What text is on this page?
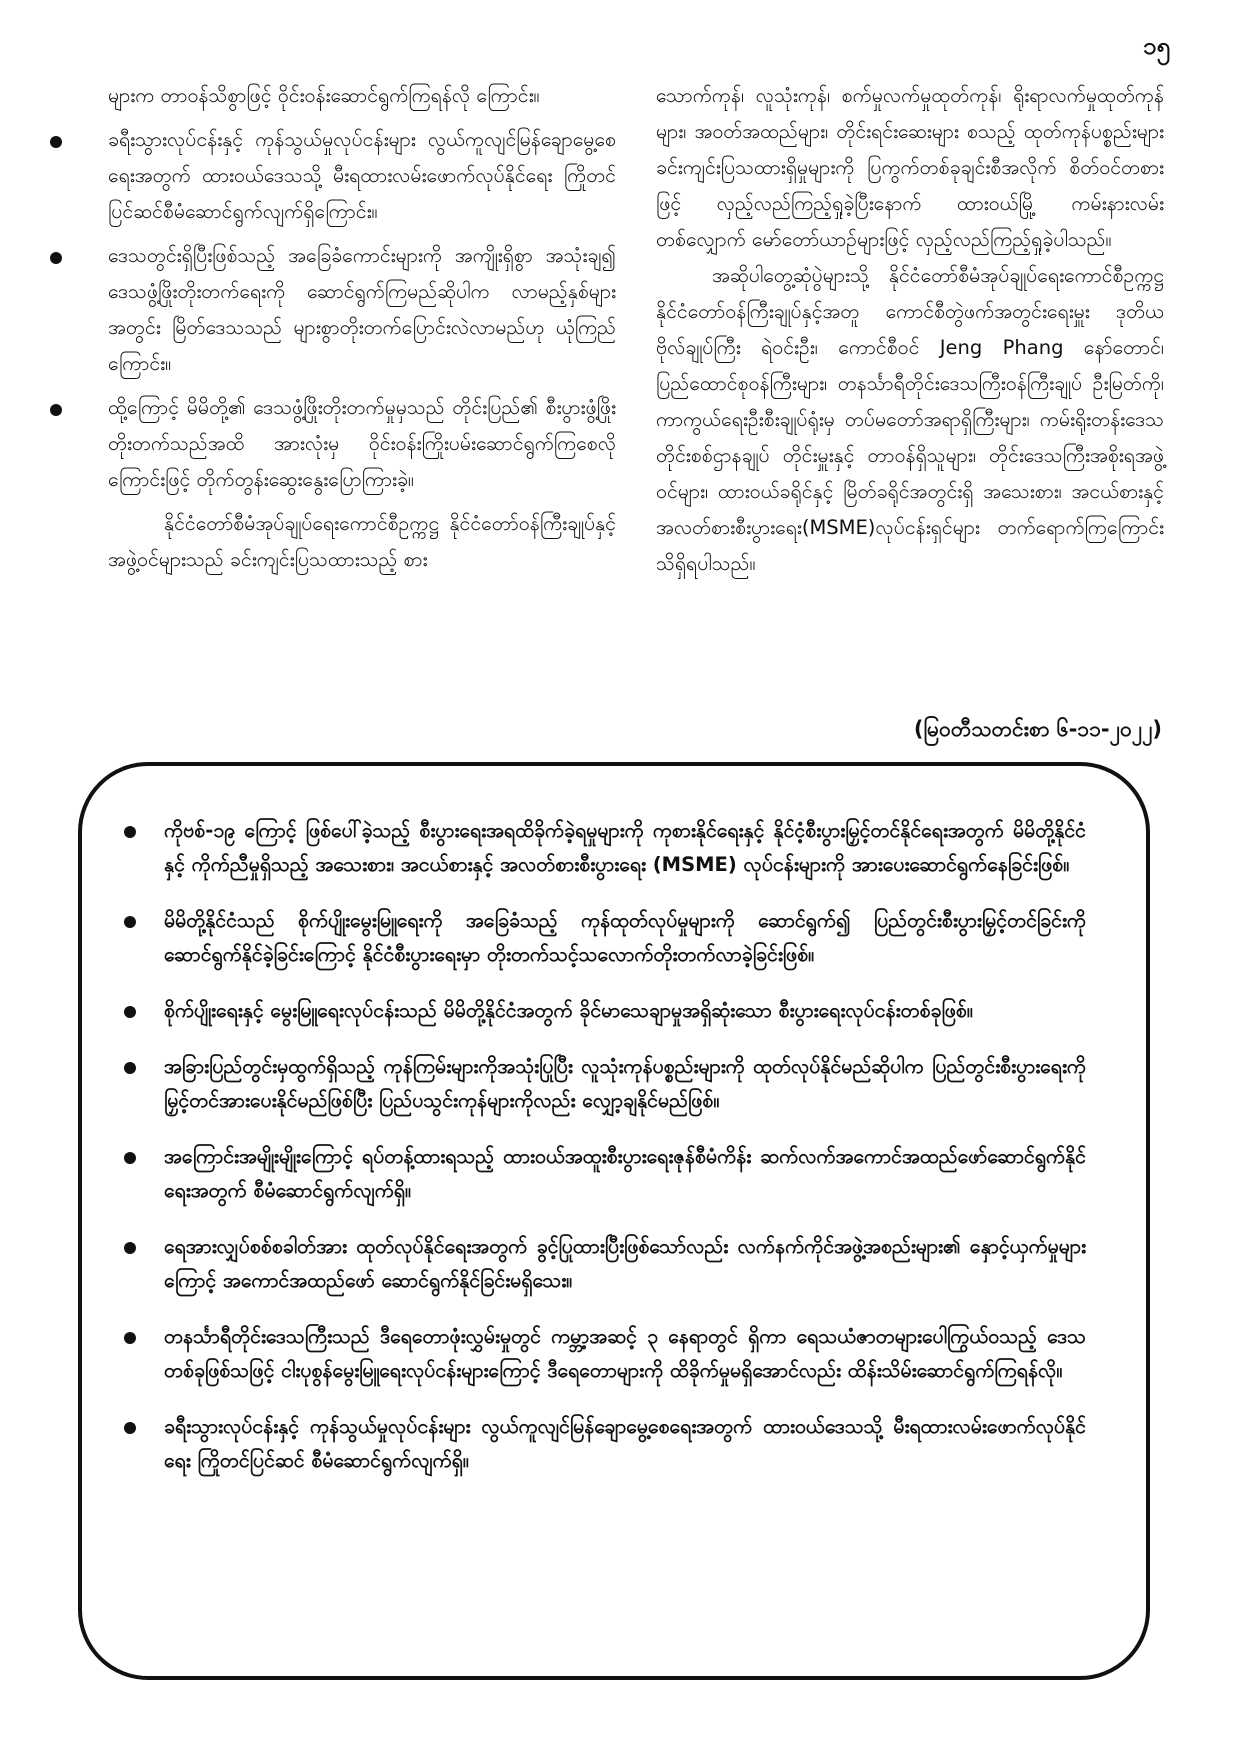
၁၅

များက တာဝန်သိစွာဖြင့် ဝိုင်းဝန်းဆောင်ရွက်ကြရန်လို ကြောင်း။

ခရီးသွားလုပ်ငန်းနှင့် ကုန်သွယ်မှုလုပ်ငန်းများ လွယ်ကူလျင်မြန်ချောမွေ့စေရေးအတွက် ထားဝယ်ဒေသသို့ မီးရထားလမ်းဖောက်လုပ်နိုင်ရေး ကြိုတင်ပြင်ဆင်စီမံဆောင်ရွက်လျက်ရှိကြောင်း။
ဒေသတွင်းရှိပြီးဖြစ်သည့် အခြေခံကောင်းများကို အကျိုးရှိစွာ အသုံးချ၍ ဒေသဖွံ့ဖြိုးတိုးတက်ရေးကို ဆောင်ရွက်ကြမည်ဆိုပါက လာမည့်နှစ်များအတွင်း မြိတ်ဒေသသည် များစွာတိုးတက်ပြောင်းလဲလာမည်ဟု ယုံကြည်ကြောင်း။
ထို့ကြောင့် မိမိတို့၏ ဒေသဖွံ့ဖြိုးတိုးတက်မှုမှသည် တိုင်းပြည်၏ စီးပွားဖွံ့ဖြိုးတိုးတက်သည်အထိ အားလုံးမှ ဝိုင်းဝန်းကြိုးပမ်းဆောင်ရွက်ကြစေလိုကြောင်းဖြင့် တိုက်တွန်းဆွေးနွေးပြောကြားခဲ့။

နိုင်ငံတော်စီမံအုပ်ချုပ်ရေးကောင်စီဥက္ကဋ္ဌ နိုင်ငံတော်ဝန်ကြီးချုပ်နှင့်အဖွဲ့ဝင်များသည် ခင်းကျင်းပြသထားသည့် စား

သောက်ကုန်၊ လူသုံးကုန်၊ စက်မှုလက်မှုထုတ်ကုန်၊ ရိုးရာလက်မှုထုတ်ကုန်များ၊ အဝတ်အထည်များ၊ တိုင်းရင်းဆေးများ စသည့် ထုတ်ကုန်ပစ္စည်းများ ခင်းကျင်းပြသထားရှိမှုများကို ပြကွက်တစ်ခုချင်းစီအလိုက် စိတ်ဝင်တစားဖြင့် လှည့်လည်ကြည့်ရှုခဲ့ပြီးနောက် ထားဝယ်မြို့ ကမ်းနားလမ်းတစ်လျှောက် မော်တော်ယာဉ်များဖြင့် လှည့်လည်ကြည့်ရှုခဲ့ပါသည်။

အဆိုပါတွေ့ဆုံပွဲများသို့ နိုင်ငံတော်စီမံအုပ်ချုပ်ရေးကောင်စီဥက္ကဋ္ဌ နိုင်ငံတော်ဝန်ကြီးချုပ်နှင့်အတူ ကောင်စီတွဲဖက်အတွင်းရေးမှူး ဒုတိယဗိုလ်ချုပ်ကြီး ရဲဝင်းဦး၊ ကောင်စီဝင် Jeng Phang နော်တောင်၊ ပြည်ထောင်စုဝန်ကြီးများ၊ တနင်္သာရီတိုင်းဒေသကြီးဝန်ကြီးချုပ် ဦးမြတ်ကို၊ ကာကွယ်ရေးဦးစီးချုပ်ရုံးမှ တပ်မတော်အရာရှိကြီးများ၊ ကမ်းရိုးတန်းဒေသတိုင်းစစ်ဌာနချုပ် တိုင်းမှူးနှင့် တာဝန်ရှိသူများ၊ တိုင်းဒေသကြီးအစိုးရအဖွဲ့ဝင်များ၊ ထားဝယ်ခရိုင်နှင့် မြိတ်ခရိုင်အတွင်းရှိ အသေးစား၊ အငယ်စားနှင့် အလတ်စားစီးပွားရေး(MSME)လုပ်ငန်းရှင်များ တက်ရောက်ကြကြောင်း သိရှိရပါသည်။

(မြဝတီသတင်းစာ ၆-၁၁-၂၀၂၂)
ကိုဗစ်-၁၉ ကြောင့် ဖြစ်ပေါ်ခဲ့သည့် စီးပွားရေးအရထိခိုက်ခဲ့ရမှုများကို ကုစားနိုင်ရေးနှင့် နိုင်ငံ့စီးပွားမြှင့်တင်နိုင်ရေးအတွက် မိမိတို့နိုင်ငံနှင့် ကိုက်ညီမှုရှိသည့် အသေးစား၊ အငယ်စားနှင့် အလတ်စားစီးပွားရေး (MSME) လုပ်ငန်းများကို အားပေးဆောင်ရွက်နေခြင်းဖြစ်။
မိမိတို့နိုင်ငံသည် စိုက်ပျိုးမွေးမြူရေးကို အခြေခံသည့် ကုန်ထုတ်လုပ်မှုများကို ဆောင်ရွက်၍ ပြည်တွင်းစီးပွားမြှင့်တင်ခြင်းကို ဆောင်ရွက်နိုင်ခဲ့ခြင်းကြောင့် နိုင်ငံစီးပွားရေးမှာ တိုးတက်သင့်သလောက်တိုးတက်လာခဲ့ခြင်းဖြစ်။
စိုက်ပျိုးရေးနှင့် မွေးမြူရေးလုပ်ငန်းသည် မိမိတို့နိုင်ငံအတွက် ခိုင်မာသေချာမှုအရှိဆုံးသော စီးပွားရေးလုပ်ငန်းတစ်ခုဖြစ်။
အခြားပြည်တွင်းမှထွက်ရှိသည့် ကုန်ကြမ်းများကိုအသုံးပြုပြီး လူသုံးကုန်ပစ္စည်းများကို ထုတ်လုပ်နိုင်မည်ဆိုပါက ပြည်တွင်းစီးပွားရေးကို မြှင့်တင်အားပေးနိုင်မည်ဖြစ်ပြီး ပြည်ပသွင်းကုန်များကိုလည်း လျှော့ချနိုင်မည်ဖြစ်။
အကြောင်းအမျိုးမျိုးကြောင့် ရပ်တန့်ထားရသည့် ထားဝယ်အထူးစီးပွားရေးဇုန်စီမံကိန်း ဆက်လက်အကောင်အထည်ဖော်ဆောင်ရွက်နိုင်ရေးအတွက် စီမံဆောင်ရွက်လျက်ရှိ။
ရေအားလျှပ်စစ်စခါတ်အား ထုတ်လုပ်နိုင်ရေးအတွက် ခွင့်ပြုထားပြီးဖြစ်သော်လည်း လက်နက်ကိုင်အဖွဲ့အစည်းများ၏ နှောင့်ယှက်မှုများကြောင့် အကောင်အထည်ဖော် ဆောင်ရွက်နိုင်ခြင်းမရှိသေး။
တနင်္သာရီတိုင်းဒေသကြီးသည် ဒီရေတောဖုံးလွှမ်းမှုတွင် ကမ္ဘာ့အဆင့် ၃ နေရာတွင် ရှိကာ ရေသယံဇာတများပေါကြွယ်ဝသည့် ဒေသတစ်ခုဖြစ်သဖြင့် ငါးပုစွန်မွေးမြူရေးလုပ်ငန်းများကြောင့် ဒီရေတောများကို ထိခိုက်မှုမရှိအောင်လည်း ထိန်းသိမ်းဆောင်ရွက်ကြရန်လို။
ခရီးသွားလုပ်ငန်းနှင့် ကုန်သွယ်မှုလုပ်ငန်းများ လွယ်ကူလျင်မြန်ချောမွေ့စေရေးအတွက် ထားဝယ်ဒေသသို့ မီးရထားလမ်းဖောက်လုပ်နိုင်ရေး ကြိုတင်ပြင်ဆင် စီမံဆောင်ရွက်လျက်ရှိ။
